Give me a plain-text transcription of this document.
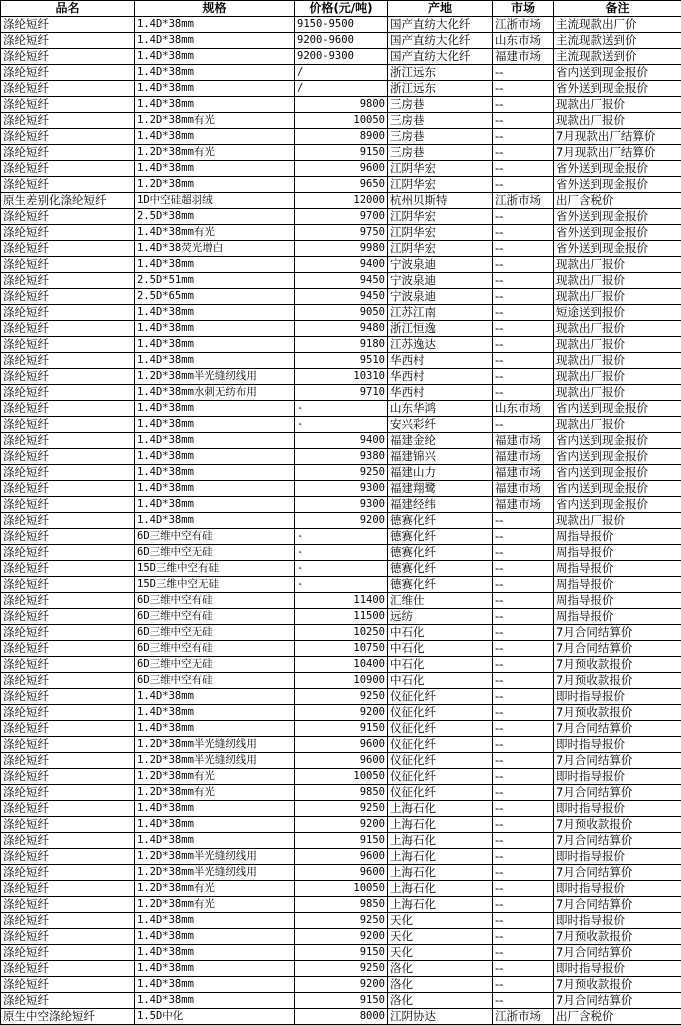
品名	规格	价格(元/吨)	产地	市场	备注
涤纶短纤	1.4D*38mm	9150-9500	国产直纺大化纤	江浙市场	主流现款出厂价
涤纶短纤	1.4D*38mm	9200-9600	国产直纺大化纤	山东市场	主流现款送到价
涤纶短纤	1.4D*38mm	9200-9300	国产直纺大化纤	福建市场	主流现款送到价
涤纶短纤	1.4D*38mm	/	浙江远东	--	省内送到现金报价
涤纶短纤	1.4D*38mm	/	浙江远东	--	省外送到现金报价
涤纶短纤	1.4D*38mm	9800	三房巷	--	现款出厂报价
涤纶短纤	1.2D*38mm有光	10050	三房巷	--	现款出厂报价
涤纶短纤	1.4D*38mm	8900	三房巷	--	7月现款出厂结算价
涤纶短纤	1.2D*38mm有光	9150	三房巷	--	7月现款出厂结算价
涤纶短纤	1.4D*38mm	9600	江阴华宏	--	省外送到现金报价
涤纶短纤	1.2D*38mm	9650	江阴华宏	--	省外送到现金报价
原生差别化涤纶短纤	1D中空硅超羽绒	12000	杭州贝斯特	江浙市场	出厂含税价
涤纶短纤	2.5D*38mm	9700	江阴华宏	--	省外送到现金报价
涤纶短纤	1.4D*38mm有光	9750	江阴华宏	--	省外送到现金报价
涤纶短纤	1.4D*38荧光增白	9980	江阴华宏	--	省外送到现金报价
涤纶短纤	1.4D*38mm	9400	宁波泉迪	--	现款出厂报价
涤纶短纤	2.5D*51mm	9450	宁波泉迪	--	现款出厂报价
涤纶短纤	2.5D*65mm	9450	宁波泉迪	--	现款出厂报价
涤纶短纤	1.4D*38mm	9050	江苏江南	--	短途送到报价
涤纶短纤	1.4D*38mm	9480	浙江恒逸	--	现款出厂报价
涤纶短纤	1.4D*38mm	9180	江苏逸达	--	现款出厂报价
涤纶短纤	1.4D*38mm	9510	华西村	--	现款出厂报价
涤纶短纤	1.2D*38mm半光缝纫线用	10310	华西村	--	现款出厂报价
涤纶短纤	1.4D*38mm水刺无纺布用	9710	华西村	--	现款出厂报价
涤纶短纤	1.4D*38mm	-	山东华鸿	山东市场	省内送到现金报价
涤纶短纤	1.4D*38mm	-	安兴彩纤	--	现款出厂报价
涤纶短纤	1.4D*38mm	9400	福建金纶	福建市场	省内送到现金报价
涤纶短纤	1.4D*38mm	9380	福建锦兴	福建市场	省内送到现金报价
涤纶短纤	1.4D*38mm	9250	福建山力	福建市场	省内送到现金报价
涤纶短纤	1.4D*38mm	9300	福建翔鹭	福建市场	省内送到现金报价
涤纶短纤	1.4D*38mm	9300	福建经纬	福建市场	省内送到现金报价
涤纶短纤	1.4D*38mm	9200	德赛化纤	--	现款出厂报价
涤纶短纤	6D三维中空有硅	-	德赛化纤	--	周指导报价
涤纶短纤	6D三维中空无硅	-	德赛化纤	--	周指导报价
涤纶短纤	15D三维中空有硅	-	德赛化纤	--	周指导报价
涤纶短纤	15D三维中空无硅	-	德赛化纤	--	周指导报价
涤纶短纤	6D三维中空有硅	11400	汇维仕	--	周指导报价
涤纶短纤	6D三维中空有硅	11500	远纺	--	周指导报价
涤纶短纤	6D三维中空无硅	10250	中石化	--	7月合同结算价
涤纶短纤	6D三维中空有硅	10750	中石化	--	7月合同结算价
涤纶短纤	6D三维中空无硅	10400	中石化	--	7月预收款报价
涤纶短纤	6D三维中空有硅	10900	中石化	--	7月预收款报价
涤纶短纤	1.4D*38mm	9250	仪征化纤	--	即时指导报价
涤纶短纤	1.4D*38mm	9200	仪征化纤	--	7月预收款报价
涤纶短纤	1.4D*38mm	9150	仪征化纤	--	7月合同结算价
涤纶短纤	1.2D*38mm半光缝纫线用	9600	仪征化纤	--	即时指导报价
涤纶短纤	1.2D*38mm半光缝纫线用	9600	仪征化纤	--	7月合同结算价
涤纶短纤	1.2D*38mm有光	10050	仪征化纤	--	即时指导报价
涤纶短纤	1.2D*38mm有光	9850	仪征化纤	--	7月合同结算价
涤纶短纤	1.4D*38mm	9250	上海石化	--	即时指导报价
涤纶短纤	1.4D*38mm	9200	上海石化	--	7月预收款报价
涤纶短纤	1.4D*38mm	9150	上海石化	--	7月合同结算价
涤纶短纤	1.2D*38mm半光缝纫线用	9600	上海石化	--	即时指导报价
涤纶短纤	1.2D*38mm半光缝纫线用	9600	上海石化	--	7月合同结算价
涤纶短纤	1.2D*38mm有光	10050	上海石化	--	即时指导报价
涤纶短纤	1.2D*38mm有光	9850	上海石化	--	7月合同结算价
涤纶短纤	1.4D*38mm	9250	天化	--	即时指导报价
涤纶短纤	1.4D*38mm	9200	天化	--	7月预收款报价
涤纶短纤	1.4D*38mm	9150	天化	--	7月合同结算价
涤纶短纤	1.4D*38mm	9250	洛化	--	即时指导报价
涤纶短纤	1.4D*38mm	9200	洛化	--	7月预收款报价
涤纶短纤	1.4D*38mm	9150	洛化	--	7月合同结算价
原生中空涤纶短纤	1.5D中化	8000	江阴协达	江浙市场	出厂含税价
